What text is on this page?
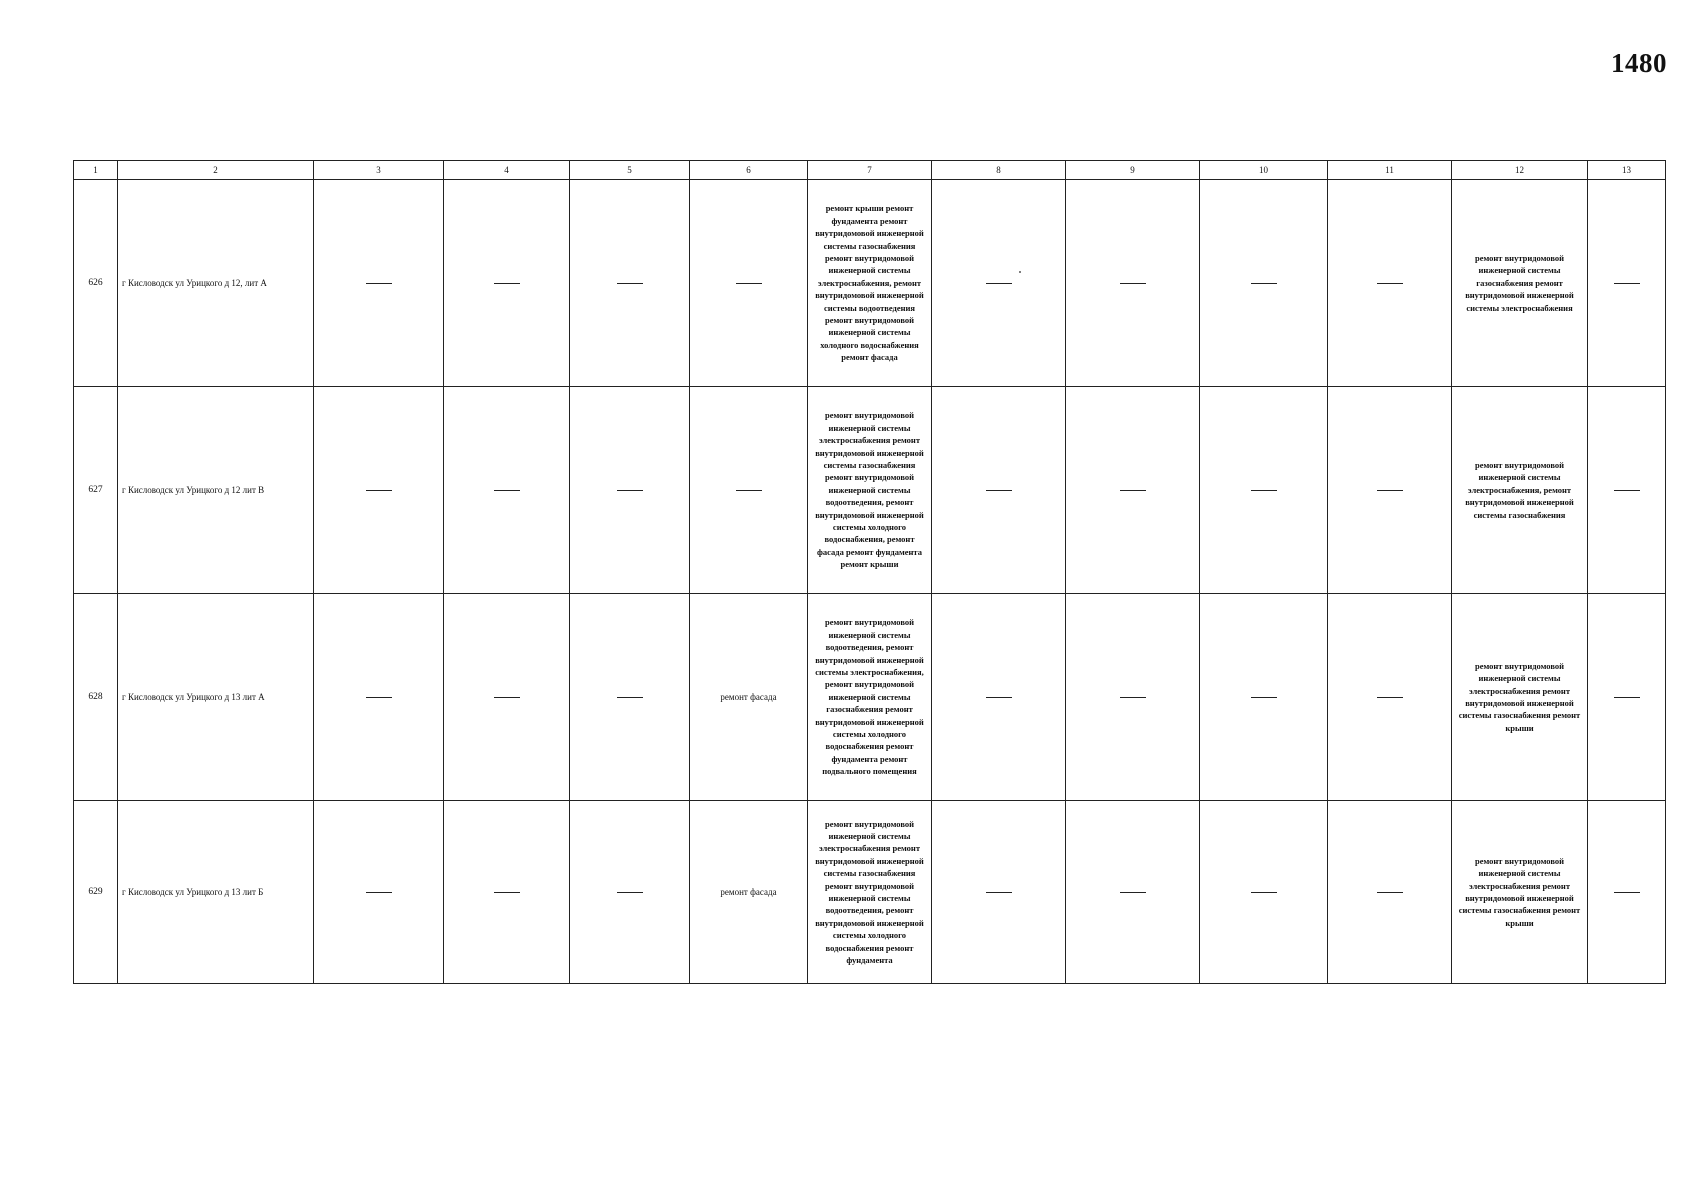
1480
1	2	3	4	5	6	7	8	9	10	11	12	13
626	г Кисловодск ул Урицкого д 12, лит А					ремонт крыши ремонт фундамента ремонт внутридомовой инженерной системы газоснабжения ремонт внутридомовой инженерной системы электроснабжения, ремонт внутридомовой инженерной системы водоотведения ремонт внутридомовой инженерной системы холодного водоснабжения ремонт фасада					ремонт внутридомовой инженерной системы газоснабжения ремонт внутридомовой инженерной системы электроснабжения	
627	г Кисловодск ул Урицкого д 12 лит В					ремонт внутридомовой инженерной системы электроснабжения ремонт внутридомовой инженерной системы газоснабжения ремонт внутридомовой инженерной системы водоотведения, ремонт внутридомовой инженерной системы холодного водоснабжения, ремонт фасада ремонт фундамента ремонт крыши					ремонт внутридомовой инженерной системы электроснабжения, ремонт внутридомовой инженерной системы газоснабжения	
628	г Кисловодск ул Урицкого д 13 лит А				ремонт фасада	ремонт внутридомовой инженерной системы водоотведения, ремонт внутридомовой инженерной системы электроснабжения, ремонт внутридомовой инженерной системы газоснабжения ремонт внутридомовой инженерной системы холодного водоснабжения ремонт фундамента ремонт подвального помещения					ремонт внутридомовой инженерной системы электроснабжения ремонт внутридомовой инженерной системы газоснабжения ремонт крыши	
629	г Кисловодск ул Урицкого д 13 лит Б				ремонт фасада	ремонт внутридомовой инженерной системы электроснабжения ремонт внутридомовой инженерной системы газоснабжения ремонт внутридомовой инженерной системы водоотведения, ремонт внутридомовой инженерной системы холодного водоснабжения ремонт фундамента					ремонт внутридомовой инженерной системы электроснабжения ремонт внутридомовой инженерной системы газоснабжения ремонт крыши	
